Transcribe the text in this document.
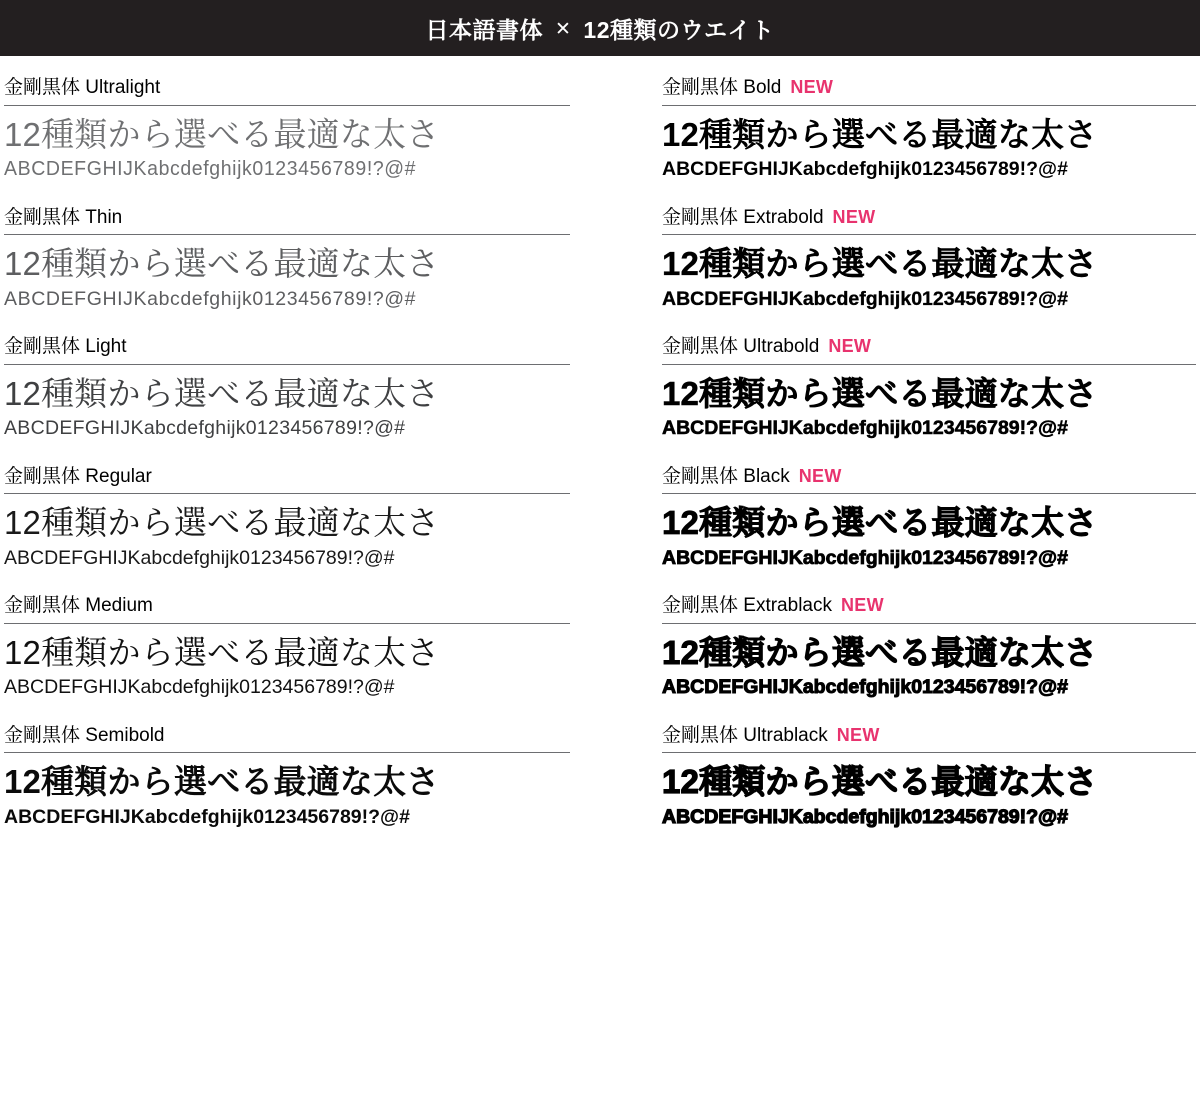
日本語書体 ✕ 12種類のウエイト
金剛黒体 Ultralight
12種類から選べる最適な太さ
ABCDEFGHIJKabcdefghijk0123456789!?@#
金剛黒体 Thin
12種類から選べる最適な太さ
ABCDEFGHIJKabcdefghijk0123456789!?@#
金剛黒体 Light
12種類から選べる最適な太さ
ABCDEFGHIJKabcdefghijk0123456789!?@#
金剛黒体 Regular
12種類から選べる最適な太さ
ABCDEFGHIJKabcdefghijk0123456789!?@#
金剛黒体 Medium
12種類から選べる最適な太さ
ABCDEFGHIJKabcdefghijk0123456789!?@#
金剛黒体 Semibold
12種類から選べる最適な太さ
ABCDEFGHIJKabcdefghijk0123456789!?@#
金剛黒体 Bold NEW
12種類から選べる最適な太さ
ABCDEFGHIJKabcdefghijk0123456789!?@#
金剛黒体 Extrabold NEW
12種類から選べる最適な太さ
ABCDEFGHIJKabcdefghijk0123456789!?@#
金剛黒体 Ultrabold NEW
12種類から選べる最適な太さ
ABCDEFGHIJKabcdefghijk0123456789!?@#
金剛黒体 Black NEW
12種類から選べる最適な太さ
ABCDEFGHIJKabcdefghijk0123456789!?@#
金剛黒体 Extrablack NEW
12種類から選べる最適な太さ
ABCDEFGHIJKabcdefghijk0123456789!?@#
金剛黒体 Ultrablack NEW
12種類から選べる最適な太さ
ABCDEFGHIJKabcdefghijk0123456789!?@#
